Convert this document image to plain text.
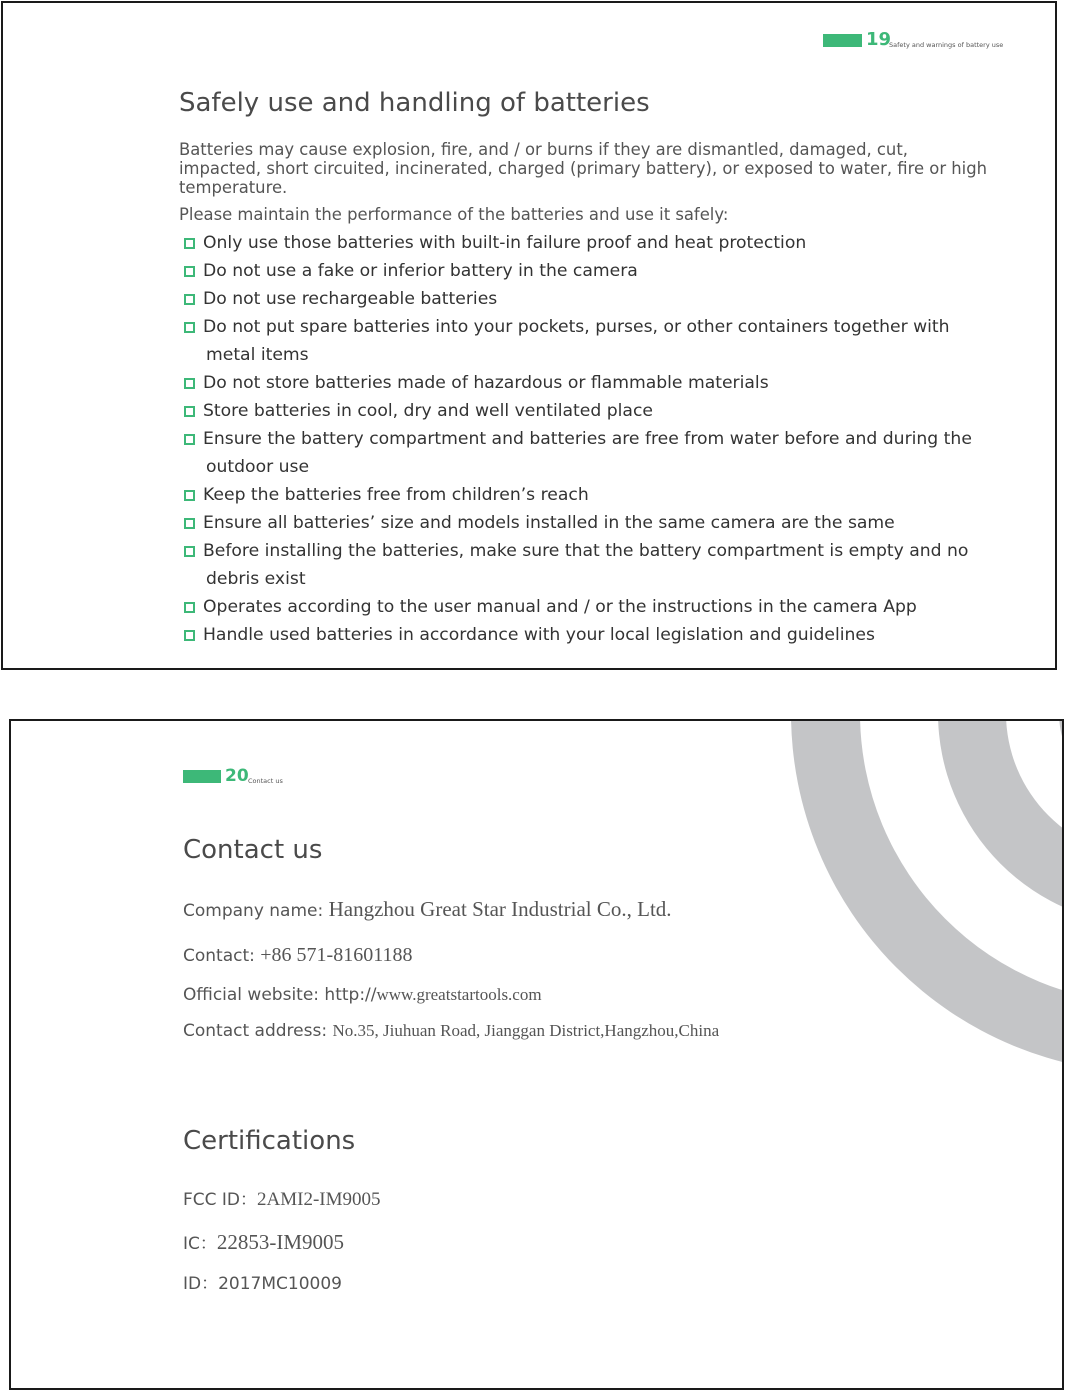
19
Safety and warnings of battery use
Safely use and handling of batteries

Batteries may cause explosion, fire, and / or burns if they are dismantled, damaged, cut, impacted, short circuited, incinerated, charged (primary battery), or exposed to water, fire or high temperature.

Please maintain the performance of the batteries and use it safely:

Only use those batteries with built-in failure proof and heat protection
Do not use a fake or inferior battery in the camera
Do not use rechargeable batteries
Do not put spare batteries into your pockets, purses, or other containers together with
metal items
Do not store batteries made of hazardous or flammable materials
Store batteries in cool, dry and well ventilated place
Ensure the battery compartment and batteries are free from water before and during the
outdoor use
Keep the batteries free from children’s reach
Ensure all batteries’ size and models installed in the same camera are the same
Before installing the batteries, make sure that the battery compartment is empty and no
debris exist
Operates according to the user manual and / or the instructions in the camera App
Handle used batteries in accordance with your local legislation and guidelines
20 Contact us
Contact us
Company name: Hangzhou Great Star Industrial Co., Ltd.
Contact: +86 571-81601188
Official website: http://www.greatstartools.com
Contact address: No.35, Jiuhuan Road, Jianggan District,Hangzhou,China
Certifications
FCC ID：2AMI2-IM9005
IC：22853-IM9005
ID：2017MC10009
